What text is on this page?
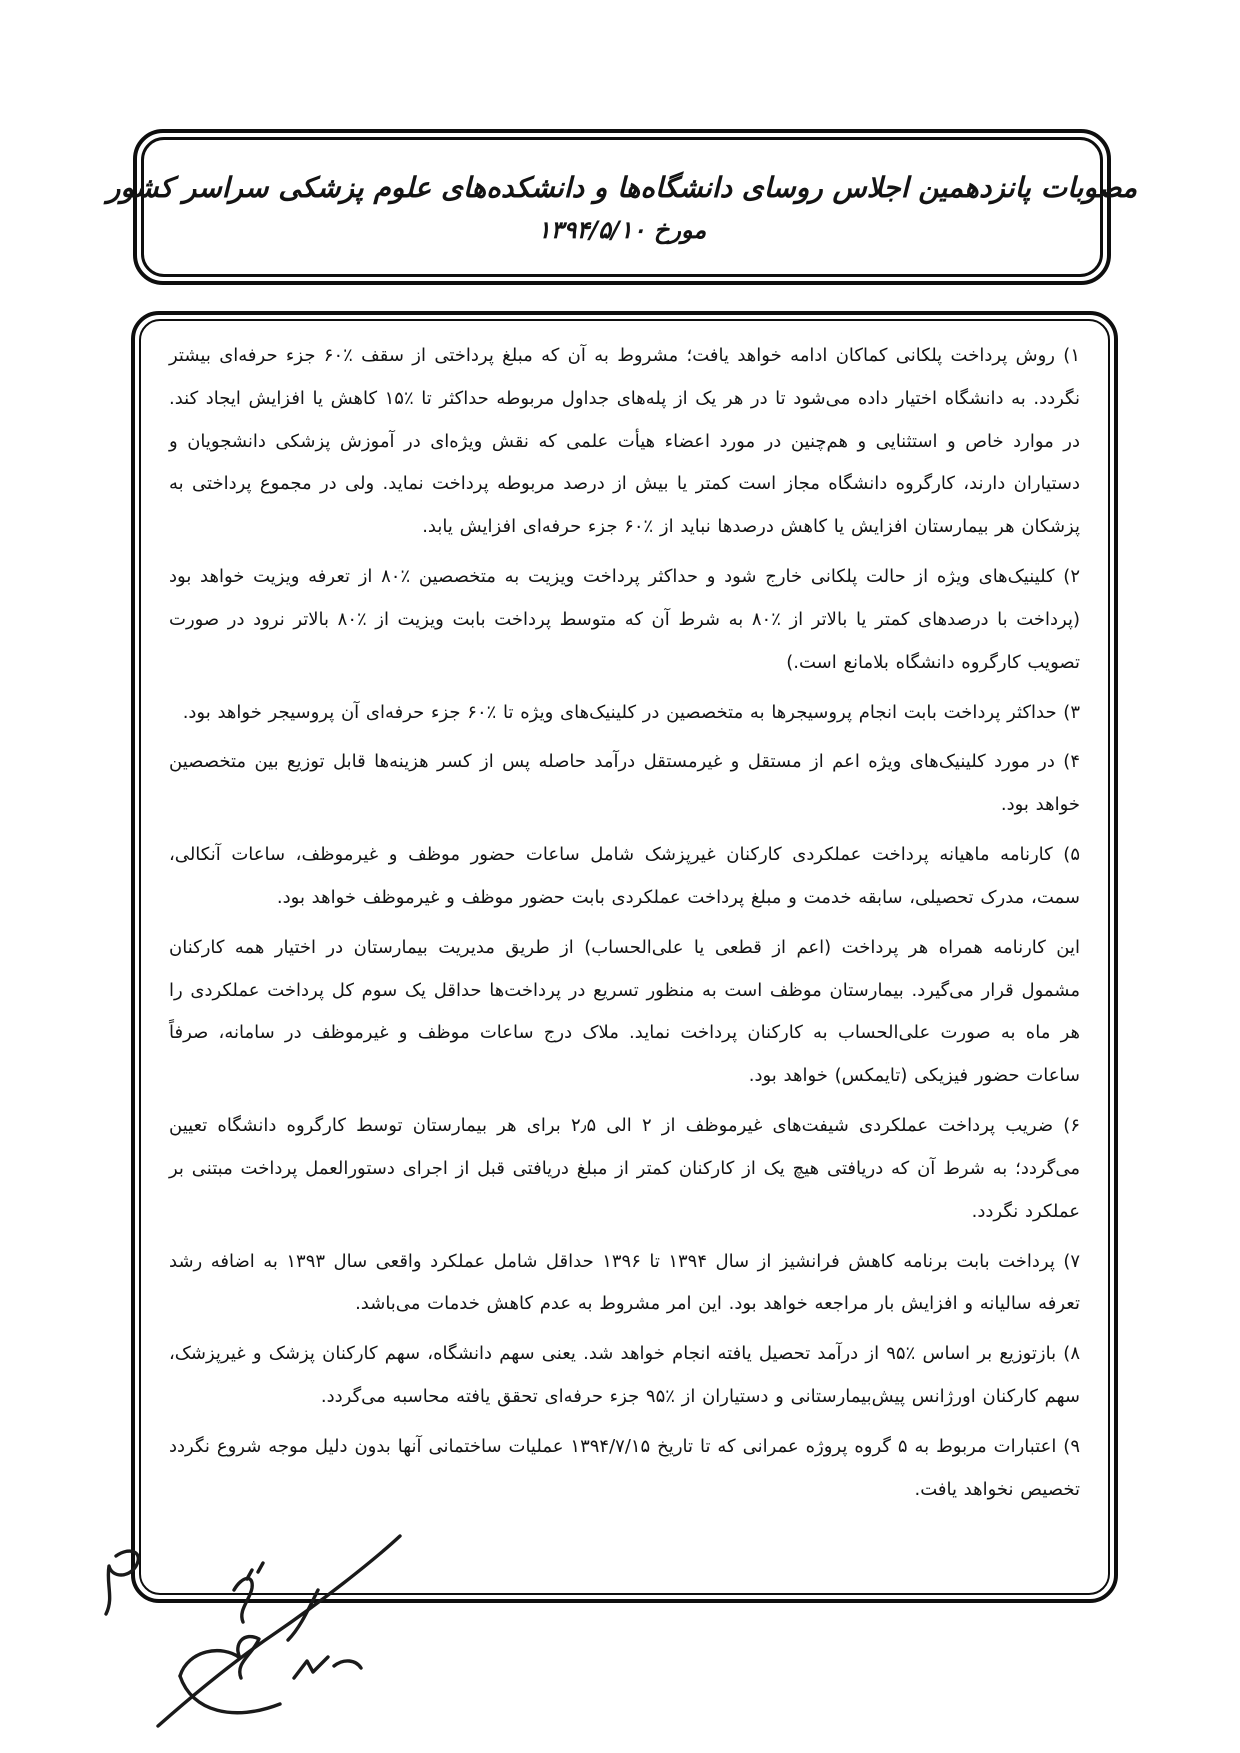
مصوبات پانزدهمین اجلاس روسای دانشگاه‌ها و دانشکده‌های علوم پزشکی سراسر کشور
مورخ ۱۳۹۴/۵/۱۰

۱) روش پرداخت پلکانی کماکان ادامه خواهد یافت؛ مشروط به آن که مبلغ پرداختی از سقف ٪۶۰ جزء حرفه‌ای بیشتر نگردد. به دانشگاه اختیار داده می‌شود تا در هر یک از پله‌های جداول مربوطه حداکثر تا ٪۱۵ کاهش یا افزایش ایجاد کند. در موارد خاص و استثنایی و هم‌چنین در مورد اعضاء هیأت علمی که نقش ویژه‌ای در آموزش پزشکی دانشجویان و دستیاران دارند، کارگروه دانشگاه مجاز است کمتر یا بیش از درصد مربوطه پرداخت نماید. ولی در مجموع پرداختی به پزشکان هر بیمارستان افزایش یا کاهش درصدها نباید از ٪۶۰ جزء حرفه‌ای افزایش یابد.

۲) کلینیک‌های ویژه از حالت پلکانی خارج شود و حداکثر پرداخت ویزیت به متخصصین ٪۸۰ از تعرفه ویزیت خواهد بود (پرداخت با درصدهای کمتر یا بالاتر از ٪۸۰ به شرط آن که متوسط پرداخت بابت ویزیت از ٪۸۰ بالاتر نرود در صورت تصویب کارگروه دانشگاه بلامانع است.)

۳) حداکثر پرداخت بابت انجام پروسیجرها به متخصصین در کلینیک‌های ویژه تا ٪۶۰ جزء حرفه‌ای آن پروسیجر خواهد بود.

۴) در مورد کلینیک‌های ویژه اعم از مستقل و غیرمستقل درآمد حاصله پس از کسر هزینه‌ها قابل توزیع بین متخصصین خواهد بود.

۵) کارنامه ماهیانه پرداخت عملکردی کارکنان غیرپزشک شامل ساعات حضور موظف و غیرموظف، ساعات آنکالی، سمت، مدرک تحصیلی، سابقه خدمت و مبلغ پرداخت عملکردی بابت حضور موظف و غیرموظف خواهد بود.

این کارنامه همراه هر پرداخت (اعم از قطعی یا علی‌الحساب) از طریق مدیریت بیمارستان در اختیار همه کارکنان مشمول قرار می‌گیرد. بیمارستان موظف است به منظور تسریع در پرداخت‌ها حداقل یک سوم کل پرداخت عملکردی را هر ماه به صورت علی‌الحساب به کارکنان پرداخت نماید. ملاک درج ساعات موظف و غیرموظف در سامانه، صرفاً ساعات حضور فیزیکی (تایمکس) خواهد بود.

۶) ضریب پرداخت عملکردی شیفت‌های غیرموظف از ۲ الی ۲٫۵ برای هر بیمارستان توسط کارگروه دانشگاه تعیین می‌گردد؛ به شرط آن که دریافتی هیچ یک از کارکنان کمتر از مبلغ دریافتی قبل از اجرای دستورالعمل پرداخت مبتنی بر عملکرد نگردد.

۷) پرداخت بابت برنامه کاهش فرانشیز از سال ۱۳۹۴ تا ۱۳۹۶ حداقل شامل عملکرد واقعی سال ۱۳۹۳ به اضافه رشد تعرفه سالیانه و افزایش بار مراجعه خواهد بود. این امر مشروط به عدم کاهش خدمات می‌باشد.

۸) بازتوزیع بر اساس ٪۹۵ از درآمد تحصیل یافته انجام خواهد شد. یعنی سهم دانشگاه، سهم کارکنان پزشک و غیرپزشک، سهم کارکنان اورژانس پیش‌بیمارستانی و دستیاران از ٪۹۵ جزء حرفه‌ای تحقق یافته محاسبه می‌گردد.

۹) اعتبارات مربوط به ۵ گروه پروژه عمرانی که تا تاریخ ۱۳۹۴/۷/۱۵ عملیات ساختمانی آنها بدون دلیل موجه شروع نگردد تخصیص نخواهد یافت.
